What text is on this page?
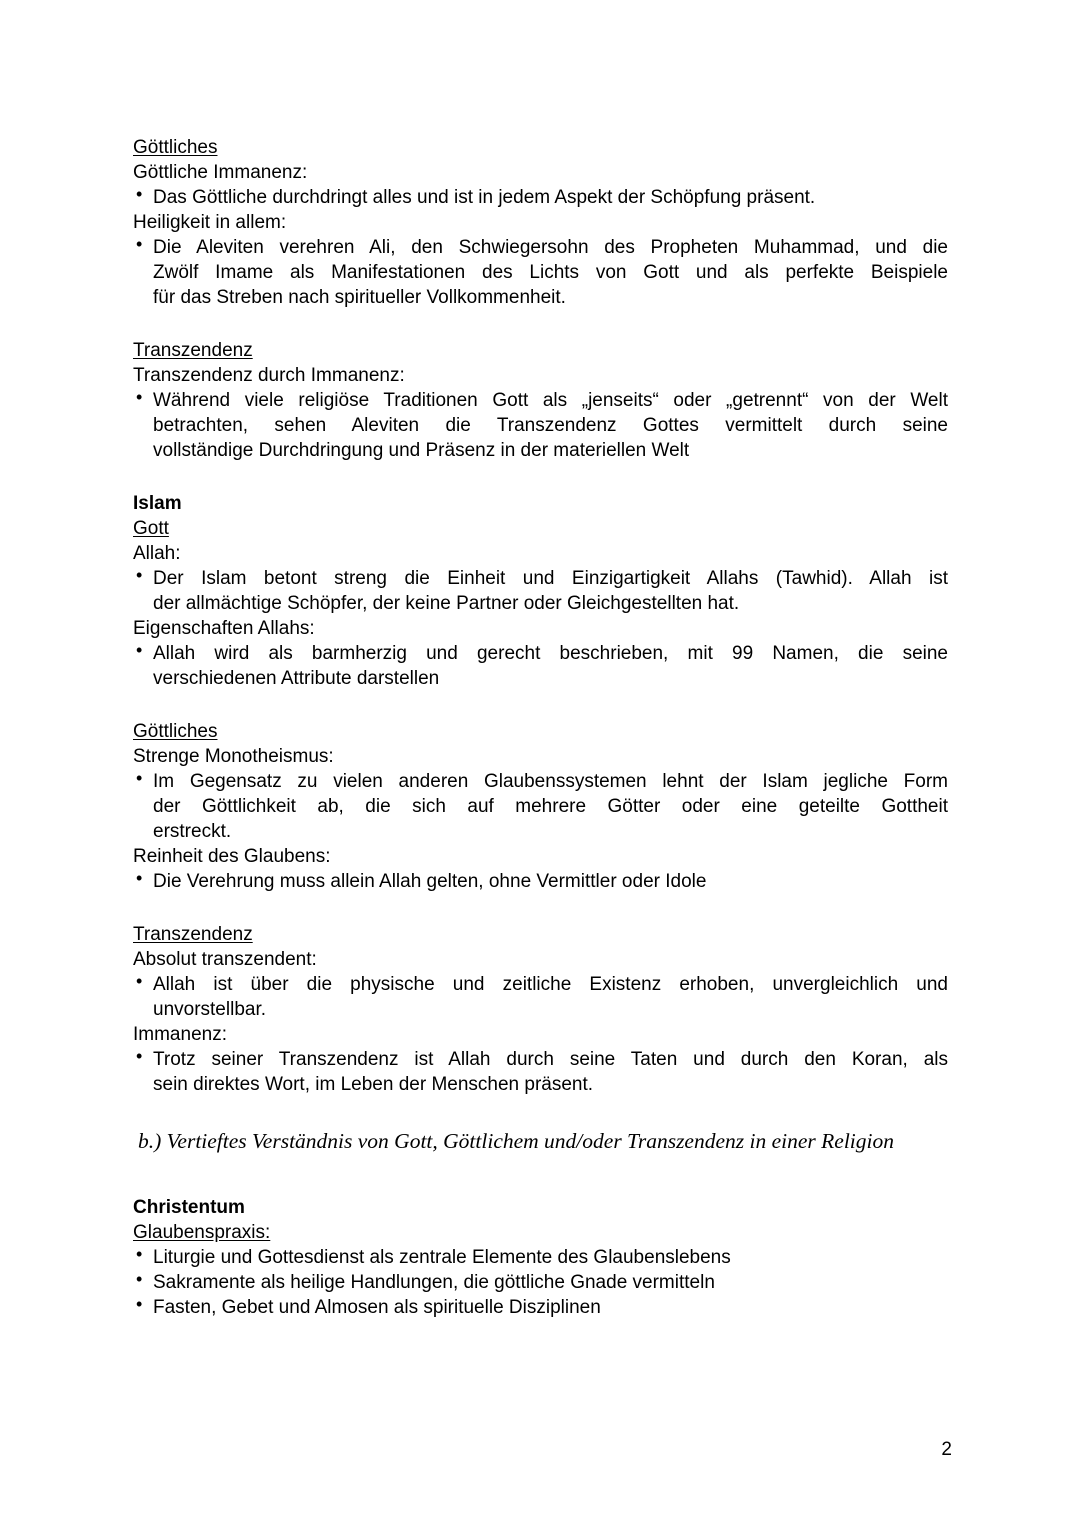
Göttliches
Göttliche Immanenz:
• Das Göttliche durchdringt alles und ist in jedem Aspekt der Schöpfung präsent.
Heiligkeit in allem:
• Die Aleviten verehren Ali, den Schwiegersohn des Propheten Muhammad, und die
Zwölf Imame als Manifestationen des Lichts von Gott und als perfekte Beispiele
für das Streben nach spiritueller Vollkommenheit.
Transzendenz
Transzendenz durch Immanenz:
• Während viele religiöse Traditionen Gott als „jenseits“ oder „getrennt“ von der Welt
betrachten, sehen Aleviten die Transzendenz Gottes vermittelt durch seine
vollständige Durchdringung und Präsenz in der materiellen Welt
Islam
Gott
Allah:
• Der Islam betont streng die Einheit und Einzigartigkeit Allahs (Tawhid). Allah ist
der allmächtige Schöpfer, der keine Partner oder Gleichgestellten hat.
Eigenschaften Allahs:
• Allah wird als barmherzig und gerecht beschrieben, mit 99 Namen, die seine
verschiedenen Attribute darstellen
Göttliches
Strenge Monotheismus:
• Im Gegensatz zu vielen anderen Glaubenssystemen lehnt der Islam jegliche Form
der Göttlichkeit ab, die sich auf mehrere Götter oder eine geteilte Gottheit
erstreckt.
Reinheit des Glaubens:
• Die Verehrung muss allein Allah gelten, ohne Vermittler oder Idole
Transzendenz
Absolut transzendent:
• Allah ist über die physische und zeitliche Existenz erhoben, unvergleichlich und
unvorstellbar.
Immanenz:
• Trotz seiner Transzendenz ist Allah durch seine Taten und durch den Koran, als
sein direktes Wort, im Leben der Menschen präsent.
b.) Vertieftes Verständnis von Gott, Göttlichem und/oder Transzendenz in einer Religion
Christentum
Glaubenspraxis:
• Liturgie und Gottesdienst als zentrale Elemente des Glaubenslebens
• Sakramente als heilige Handlungen, die göttliche Gnade vermitteln
• Fasten, Gebet und Almosen als spirituelle Disziplinen
2
